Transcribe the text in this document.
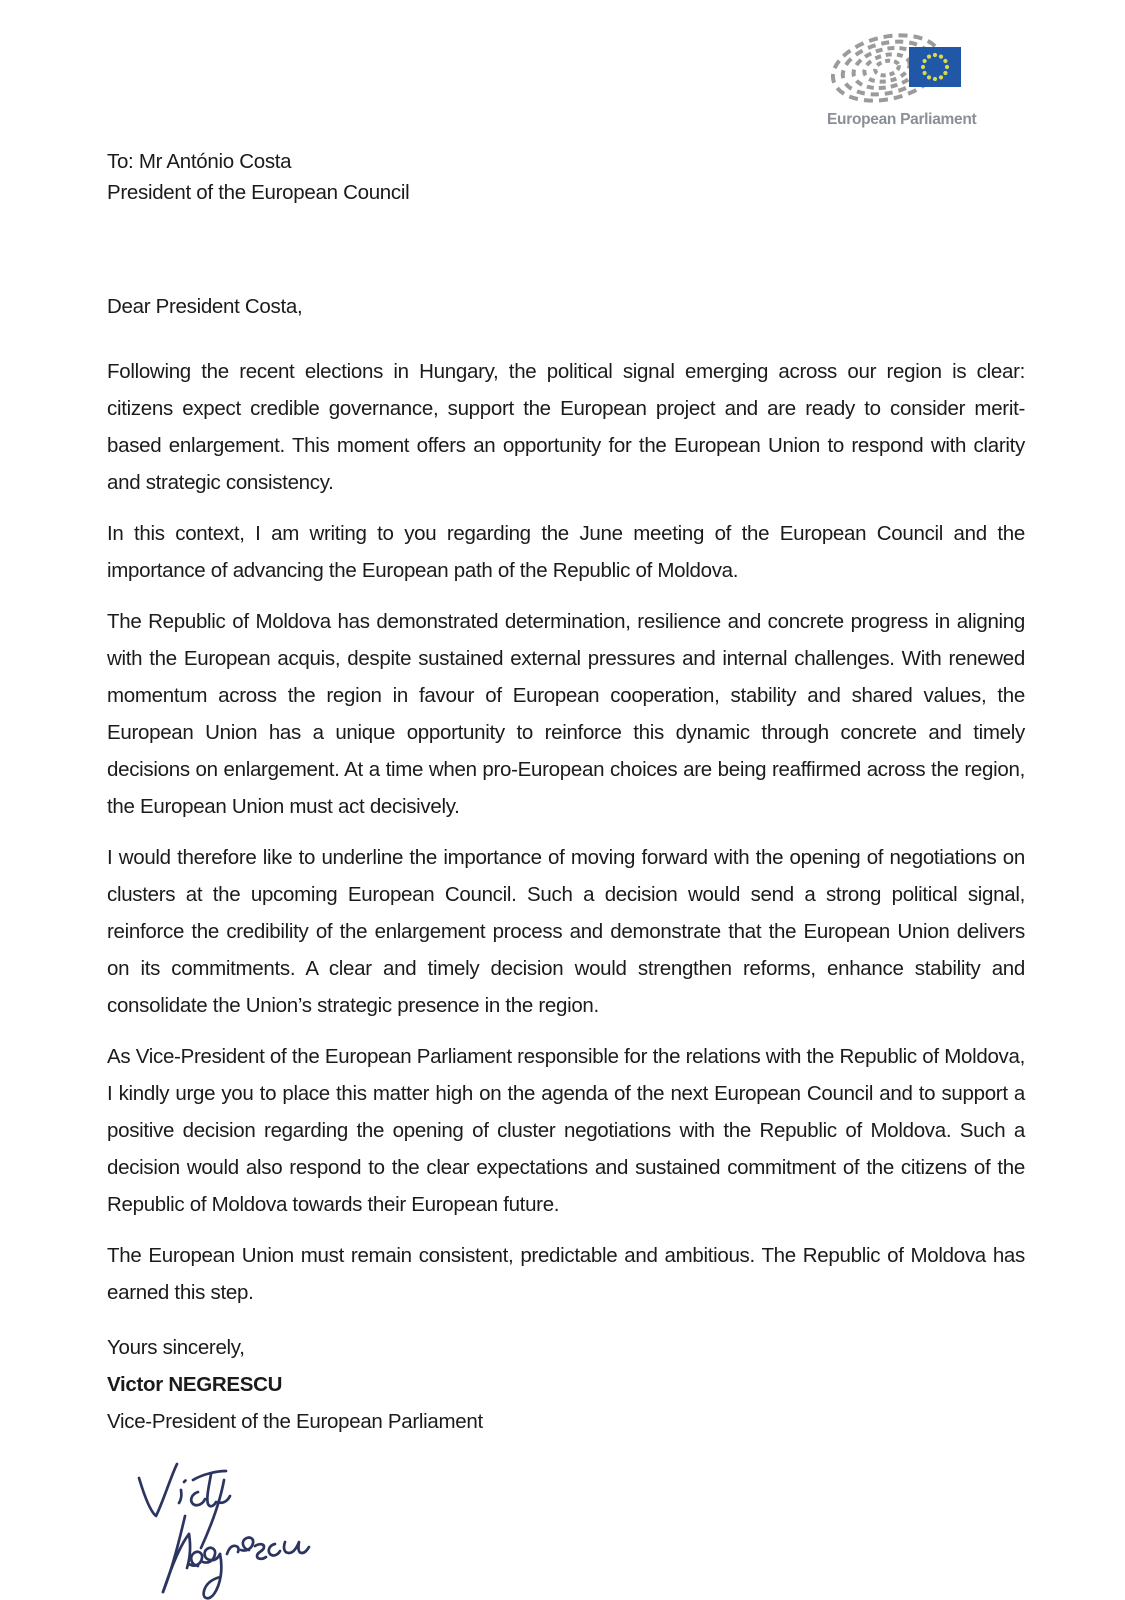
European Parliament
To: Mr António Costa
President of the European Council
Dear President Costa,

Following the recent elections in Hungary, the political signal emerging across our region is clear: citizens expect credible governance, support the European project and are ready to consider merit-based enlargement. This moment offers an opportunity for the European Union to respond with clarity and strategic consistency.

In this context, I am writing to you regarding the June meeting of the European Council and the importance of advancing the European path of the Republic of Moldova.

The Republic of Moldova has demonstrated determination, resilience and concrete progress in aligning with the European acquis, despite sustained external pressures and internal challenges. With renewed momentum across the region in favour of European cooperation, stability and shared values, the European Union has a unique opportunity to reinforce this dynamic through concrete and timely decisions on enlargement. At a time when pro-European choices are being reaffirmed across the region, the European Union must act decisively.

I would therefore like to underline the importance of moving forward with the opening of negotiations on clusters at the upcoming European Council. Such a decision would send a strong political signal, reinforce the credibility of the enlargement process and demonstrate that the European Union delivers on its commitments. A clear and timely decision would strengthen reforms, enhance stability and consolidate the Union’s strategic presence in the region.

As Vice-President of the European Parliament responsible for the relations with the Republic of Moldova, I kindly urge you to place this matter high on the agenda of the next European Council and to support a positive decision regarding the opening of cluster negotiations with the Republic of Moldova. Such a decision would also respond to the clear expectations and sustained commitment of the citizens of the Republic of Moldova towards their European future.

The European Union must remain consistent, predictable and ambitious. The Republic of Moldova has earned this step.

Yours sincerely,
Victor NEGRESCU
Vice-President of the European Parliament
